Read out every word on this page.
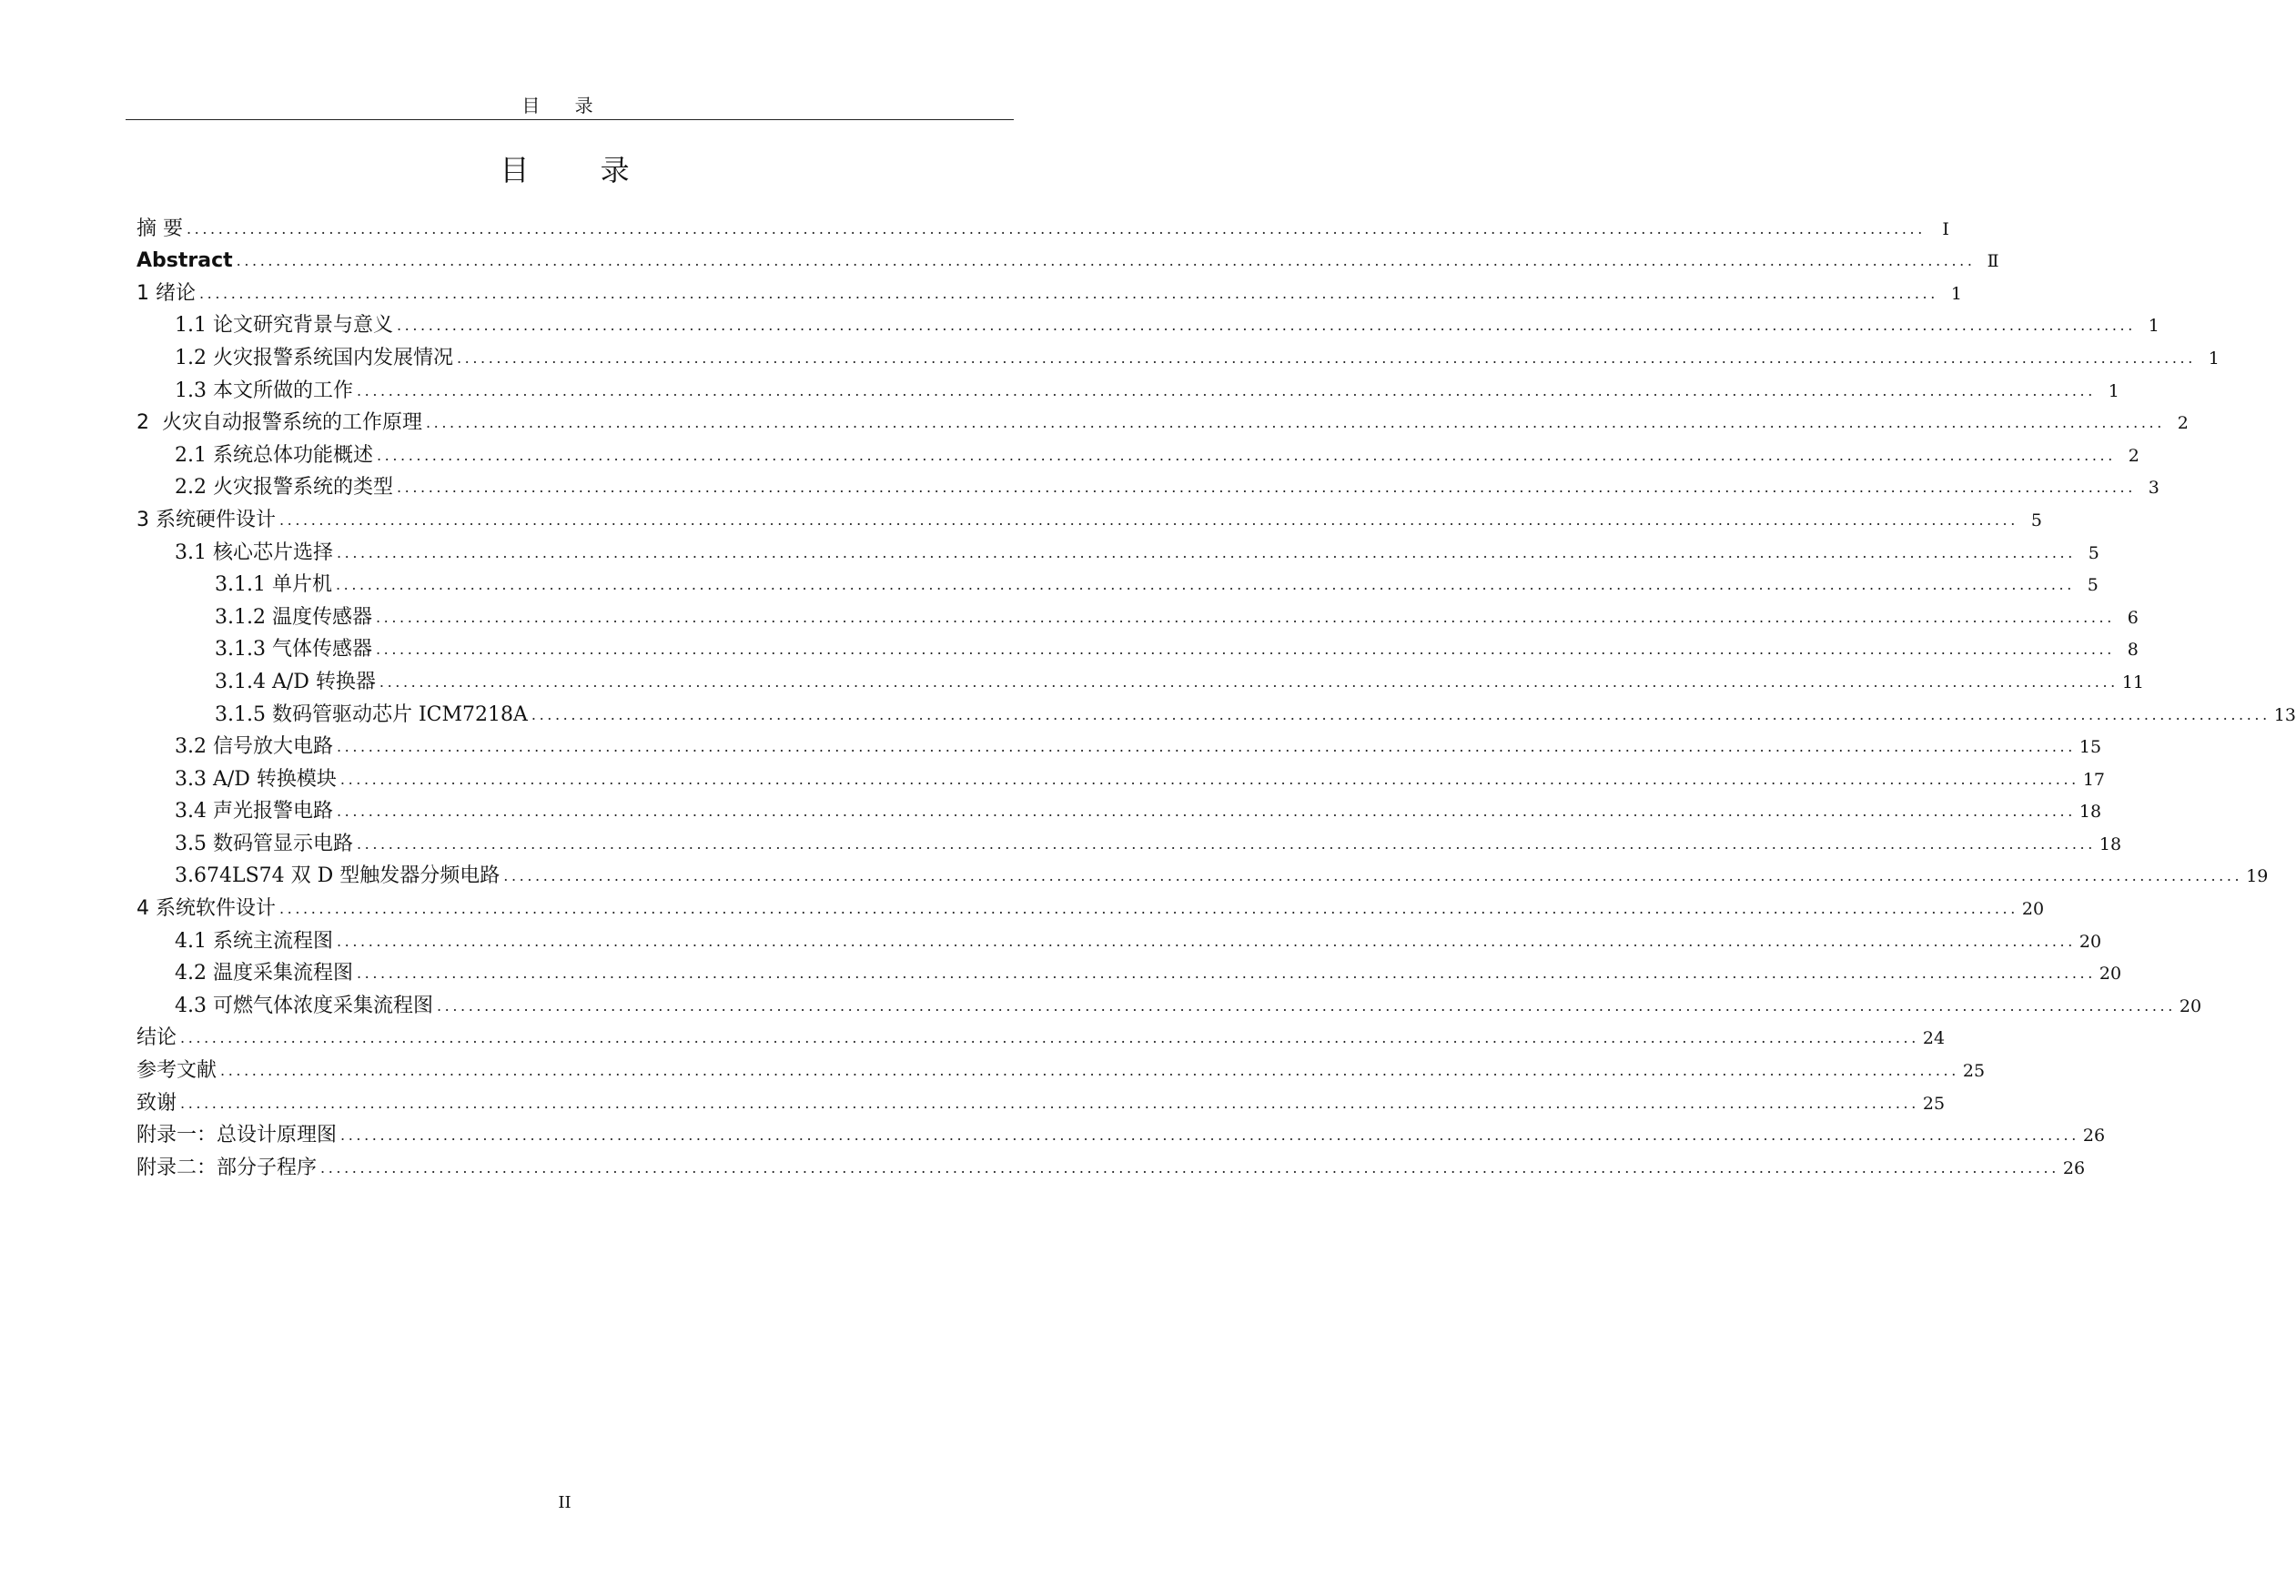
目 录
目 录
摘 要 ............................................................................................................................................................................................................................ Ⅰ
Abstract ............................................................................................................................................................................................................................ Ⅱ
1 绪论 ............................................................................................................................................................................................................................ 1
1.1 论文研究背景与意义 ............................................................................................................................................................................................................................ 1
1.2 火灾报警系统国内发展情况 ............................................................................................................................................................................................................................ 1
1.3 本文所做的工作 ............................................................................................................................................................................................................................ 1
2  火灾自动报警系统的工作原理 ............................................................................................................................................................................................................................ 2
2.1 系统总体功能概述 ............................................................................................................................................................................................................................ 2
2.2 火灾报警系统的类型 ............................................................................................................................................................................................................................ 3
3 系统硬件设计 ............................................................................................................................................................................................................................ 5
3.1 核心芯片选择 ............................................................................................................................................................................................................................ 5
3.1.1 单片机 ............................................................................................................................................................................................................................ 5
3.1.2 温度传感器 ............................................................................................................................................................................................................................ 6
3.1.3 气体传感器 ............................................................................................................................................................................................................................ 8
3.1.4 A/D 转换器 ............................................................................................................................................................................................................................ 11
3.1.5 数码管驱动芯片 ICM7218A ............................................................................................................................................................................................................................ 13
3.2 信号放大电路 ............................................................................................................................................................................................................................ 15
3.3 A/D 转换模块 ............................................................................................................................................................................................................................ 17
3.4 声光报警电路 ............................................................................................................................................................................................................................ 18
3.5 数码管显示电路 ............................................................................................................................................................................................................................ 18
3.674LS74 双 D 型触发器分频电路 ............................................................................................................................................................................................................................ 19
4 系统软件设计 ............................................................................................................................................................................................................................ 20
4.1 系统主流程图 ............................................................................................................................................................................................................................ 20
4.2 温度采集流程图 ............................................................................................................................................................................................................................ 20
4.3 可燃气体浓度采集流程图 ............................................................................................................................................................................................................................ 20
结论 ............................................................................................................................................................................................................................ 24
参考文献 ............................................................................................................................................................................................................................ 25
致谢 ............................................................................................................................................................................................................................ 25
附录一：总设计原理图 ............................................................................................................................................................................................................................ 26
附录二：部分子程序 ............................................................................................................................................................................................................................ 26
II
